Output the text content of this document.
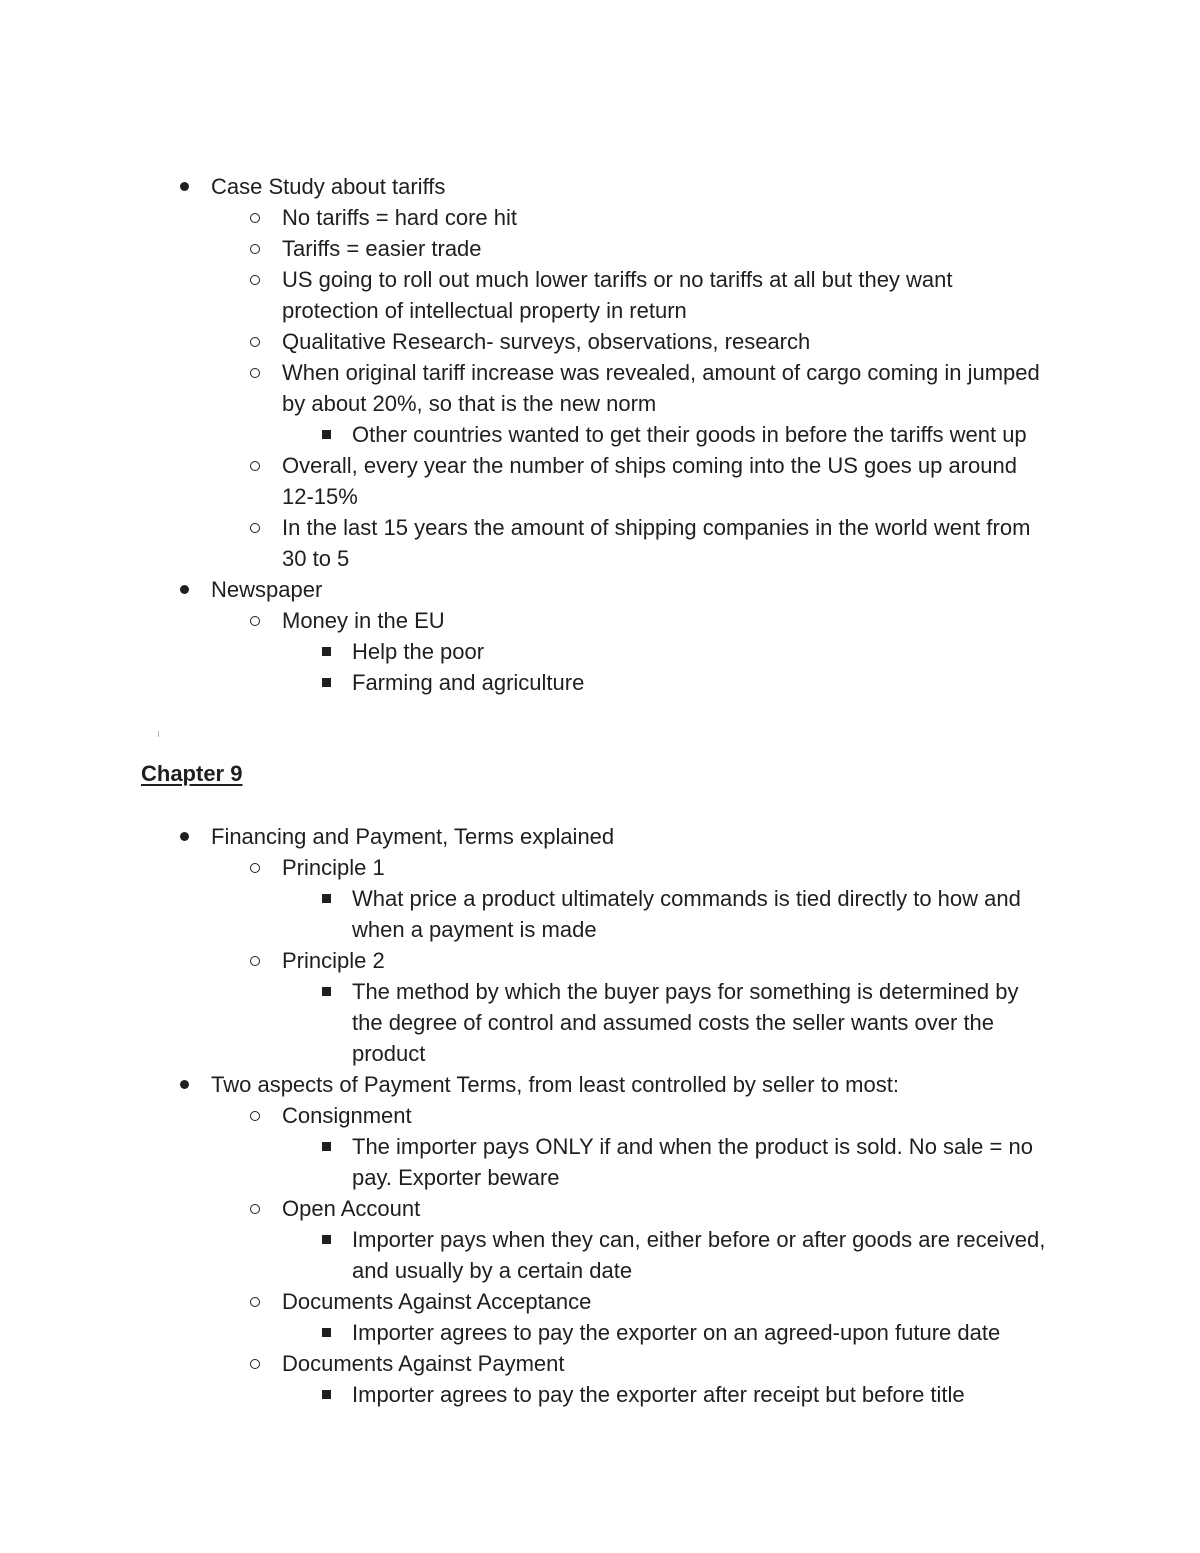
Case Study about tariffs
No tariffs = hard core hit
Tariffs = easier trade
US going to roll out much lower tariffs or no tariffs at all but they want protection of intellectual property in return
Qualitative Research- surveys, observations, research
When original tariff increase was revealed, amount of cargo coming in jumped by about 20%, so that is the new norm
Other countries wanted to get their goods in before the tariffs went up
Overall, every year the number of ships coming into the US goes up around 12-15%
In the last 15 years the amount of shipping companies in the world went from 30 to 5
Newspaper
Money in the EU
Help the poor
Farming and agriculture
Chapter 9
Financing and Payment, Terms explained
Principle 1
What price a product ultimately commands is tied directly to how and when a payment is made
Principle 2
The method by which the buyer pays for something is determined by the degree of control and assumed costs the seller wants over the product
Two aspects of Payment Terms, from least controlled by seller to most:
Consignment
The importer pays ONLY if and when the product is sold. No sale = no pay. Exporter beware
Open Account
Importer pays when they can, either before or after goods are received, and usually by a certain date
Documents Against Acceptance
Importer agrees to pay the exporter on an agreed-upon future date
Documents Against Payment
Importer agrees to pay the exporter after receipt but before title
